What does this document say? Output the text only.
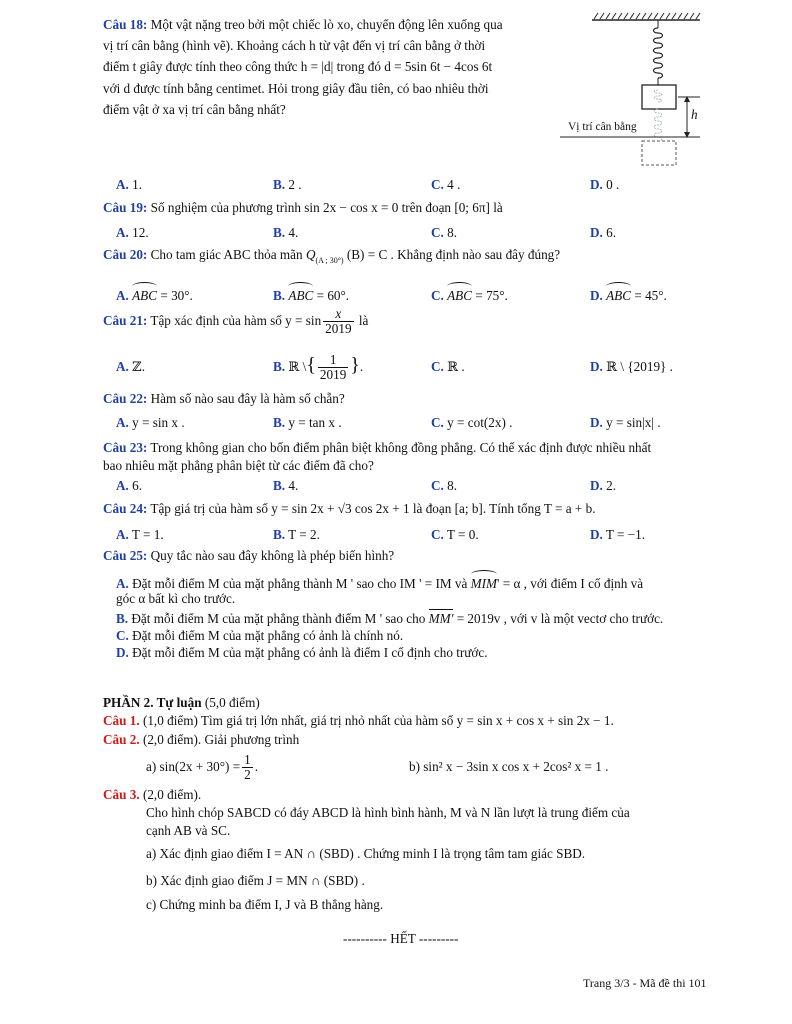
Câu 18: Một vật nặng treo bởi một chiếc lò xo, chuyển động lên xuống qua
vị trí cân bằng (hình vẽ). Khoảng cách h từ vật đến vị trí cân bằng ở thời
điểm t giây được tính theo công thức h = |d| trong đó d = 5sin 6t − 4cos 6t
với d được tính bằng centimet. Hỏi trong giây đầu tiên, có bao nhiêu thời
điểm vật ở xa vị trí cân bằng nhất?	h
Vị trí cân bằng
A. 1.	B. 2 .	C. 4 .	D. 0 .
Câu 19: Số nghiệm của phương trình sin 2x − cos x = 0 trên đoạn [0; 6π] là
A. 12.	B. 4.	C. 8.	D. 6.
Câu 20: Cho tam giác ABC thỏa mãn $Q_{(A ; 30^\circ)}$ (B) = C . Khẳng định nào sau đây đúng?
A. ABC = 30°.	B. ABC = 60°.	C. ABC = 75°.	D. ABC = 45°.
Câu 21: Tập xác định của hàm số $y = \sin \frac{x}{2019}$ là
A. ℤ.	B. ℝ \{ $\frac{1}{2019}$ }.	C. ℝ .	D. ℝ \ {2019} .
Câu 22: Hàm số nào sau đây là hàm số chẵn?
A. y = sin x .	B. y = tan x .	C. y = cot(2x) .	D. y = sin|x| .
Câu 23: Trong không gian cho bốn điểm phân biệt không đồng phẳng. Có thể xác định được nhiều nhất
bao nhiêu mặt phẳng phân biệt từ các điểm đã cho?
A. 6.	B. 4.	C. 8.	D. 2.
Câu 24: Tập giá trị của hàm số y = sin 2x + √3 cos 2x + 1 là đoạn [a; b]. Tính tổng T = a + b.
A. T = 1.	B. T = 2.	C. T = 0.	D. T = −1.
Câu 25: Quy tắc nào sau đây không là phép biến hình?
A. Đặt mỗi điểm M của mặt phẳng thành M ' sao cho IM ' = IM và MIM' = α , với điểm I cố định và
góc α bất kì cho trước.
B. Đặt mỗi điểm M của mặt phẳng thành điểm M ' sao cho MM' = 2019v , với v là một vectơ cho trước.
C. Đặt mỗi điểm M của mặt phẳng có ảnh là chính nó.
D. Đặt mỗi điểm M của mặt phẳng có ảnh là điểm I cố định cho trước.
PHẦN 2. Tự luận (5,0 điểm)
Câu 1. (1,0 điểm) Tìm giá trị lớn nhất, giá trị nhỏ nhất của hàm số y = sin x + cos x + sin 2x − 1.
Câu 2. (2,0 điểm). Giải phương trình
a) $\sin(2x + 30^\circ) = \frac{1}{2}$ .	b) sin² x − 3sin x cos x + 2cos² x = 1 .
Câu 3. (2,0 điểm).
Cho hình chóp SABCD có đáy ABCD là hình bình hành, M và N lần lượt là trung điểm của
cạnh AB và SC.
a) Xác định giao điểm I = AN ∩ (SBD) . Chứng minh I là trọng tâm tam giác SBD.
b) Xác định giao điểm J = MN ∩ (SBD) .
c) Chứng minh ba điểm I, J và B thẳng hàng.
---------- HẾT ---------
Trang 3/3 - Mã đề thi 101
